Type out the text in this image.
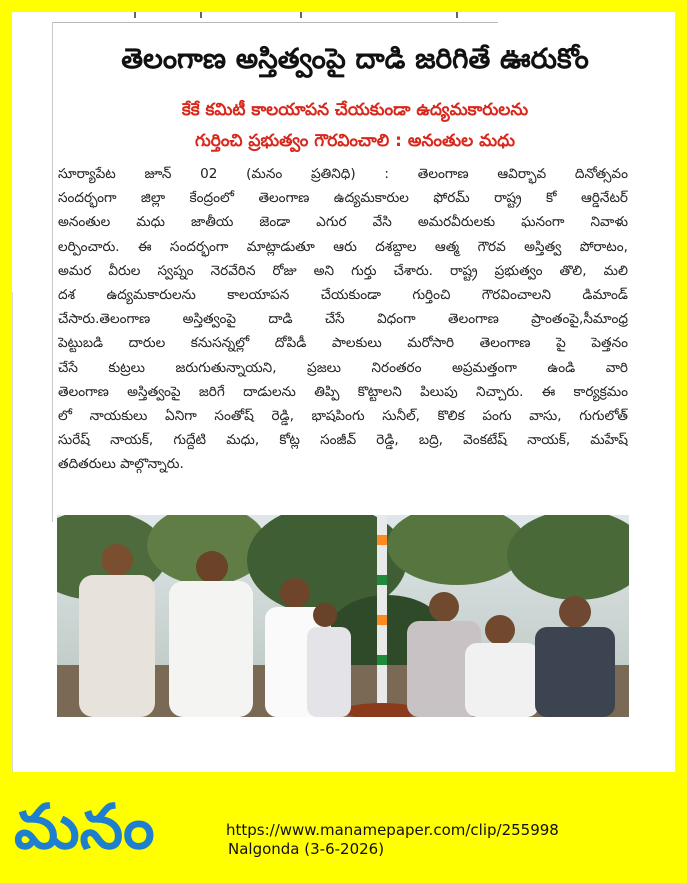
తెలంగాణ అస్తిత్వంపై దాడి జరిగితే ఊరుకోం
కేకే కమిటీ కాలయాపన చేయకుండా ఉద్యమకారులను
గుర్తించి ప్రభుత్వం గౌరవించాలి : అనంతుల మధు
సూర్యాపేట జూన్ 02 (మనం ప్రతినిధి) : తెలంగాణ ఆవిర్భావ దినోత్సవం
సందర్భంగా జిల్లా కేంద్రంలో తెలంగాణ ఉద్యమకారుల ఫోరమ్ రాష్ట్ర కో ఆర్డినేటర్
అనంతుల మధు జాతీయ జెండా ఎగుర వేసి అమరవీరులకు ఘనంగా నివాళు
లర్పించారు. ఈ సందర్భంగా మాట్లాడుతూ ఆరు దశబ్దాల ఆత్మ గౌరవ అస్తిత్వ పోరాటం,
అమర వీరుల స్వప్నం నెరవేరిన రోజు అని గుర్తు చేశారు. రాష్ట్ర ప్రభుత్వం తొలి, మలి
దశ ఉద్యమకారులను కాలయాపన చేయకుండా గుర్తించి గౌరవించాలని డిమాండ్
చేసారు.తెలంగాణ అస్తిత్వంపై దాడి చేసే విధంగా తెలంగాణ ప్రాంతంపై,సీమాంధ్ర
పెట్టుబడి దారుల కనుసన్నల్లో దోపిడీ పాలకులు మరోసారి తెలంగాణ పై పెత్తనం
చేసే కుట్రలు జరుగుతున్నాయని, ప్రజలు నిరంతరం అప్రమత్తంగా ఉండి వారి
తెలంగాణ అస్తిత్వంపై జరిగే దాడులను తిప్పి కొట్టాలని పిలుపు నిచ్చారు. ఈ కార్యక్రమం
లో నాయకులు ఏనిగా సంతోష్ రెడ్డి, భాషపింగు సునీల్, కొలిక పంగు వాసు, గుగులోత్
సురేష్ నాయక్, గుద్దేటి మధు, కోట్ల సంజీవ్ రెడ్డి, బద్రి, వెంకటేష్ నాయక్, మహేష్
తదితరులు పాల్గొన్నారు.
మనం	https://www.manamepaper.com/clip/255998
Nalgonda (3-6-2026)
